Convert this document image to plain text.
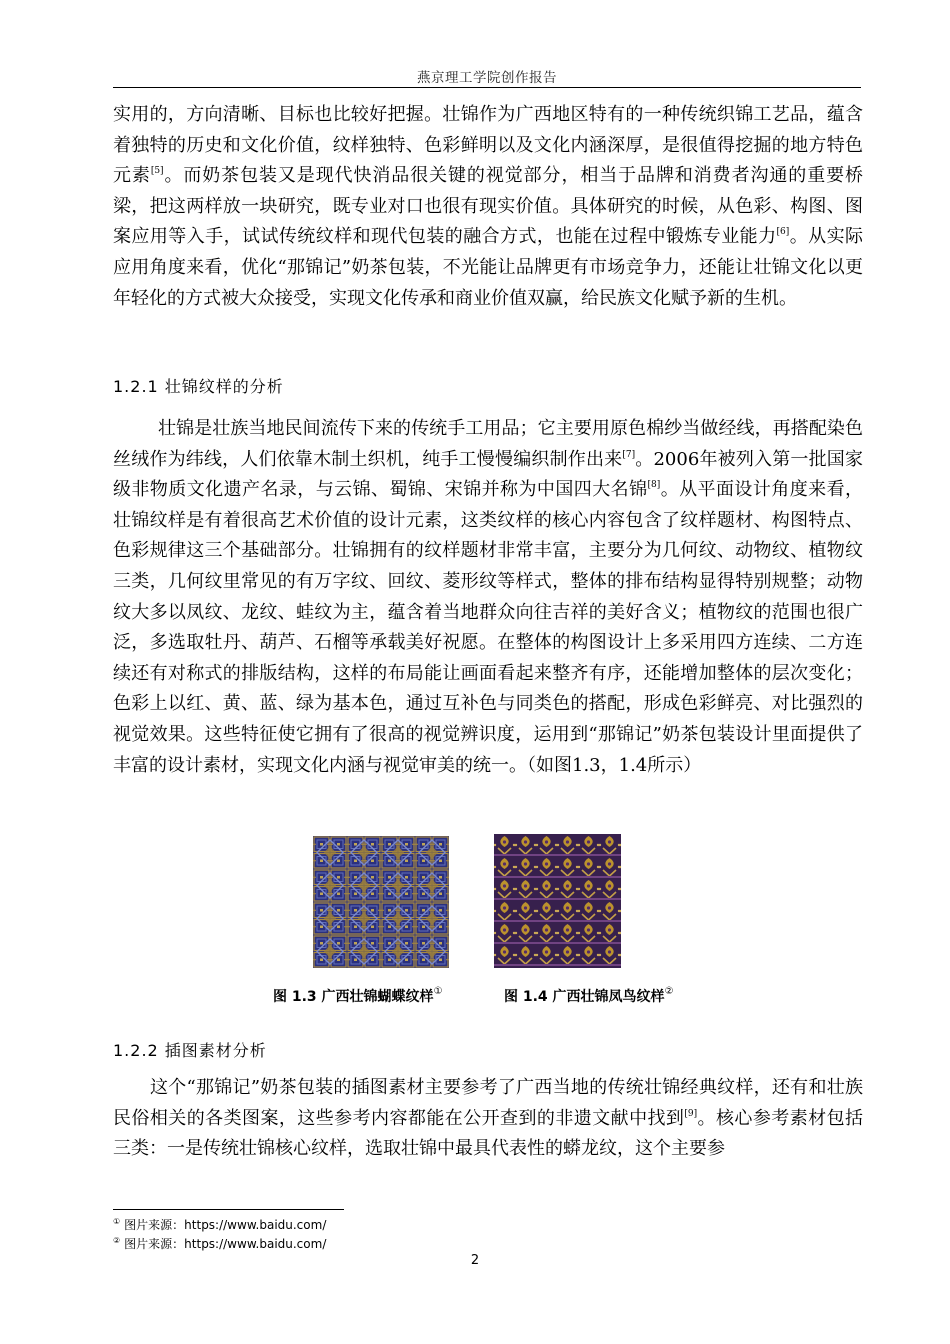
燕京理工学院创作报告
实用的，方向清晰、目标也比较好把握。壮锦作为广西地区特有的一种传统织锦工艺品，蕴含着独特的历史和文化价值，纹样独特、色彩鲜明以及文化内涵深厚，是很值得挖掘的地方特色元素[5]。而奶茶包装又是现代快消品很关键的视觉部分，相当于品牌和消费者沟通的重要桥梁，把这两样放一块研究，既专业对口也很有现实价值。具体研究的时候，从色彩、构图、图案应用等入手，试试传统纹样和现代包装的融合方式，也能在过程中锻炼专业能力[6]。从实际应用角度来看，优化“那锦记”奶茶包装，不光能让品牌更有市场竞争力，还能让壮锦文化以更年轻化的方式被大众接受，实现文化传承和商业价值双赢，给民族文化赋予新的生机。
1.2.1 壮锦纹样的分析
壮锦是壮族当地民间流传下来的传统手工用品；它主要用原色棉纱当做经线，再搭配染色丝绒作为纬线，人们依靠木制土织机，纯手工慢慢编织制作出来[7]。2006年被列入第一批国家级非物质文化遗产名录，与云锦、蜀锦、宋锦并称为中国四大名锦[8]。从平面设计角度来看，壮锦纹样是有着很高艺术价值的设计元素，这类纹样的核心内容包含了纹样题材、构图特点、色彩规律这三个基础部分。壮锦拥有的纹样题材非常丰富，主要分为几何纹、动物纹、植物纹三类，几何纹里常见的有万字纹、回纹、菱形纹等样式，整体的排布结构显得特别规整；动物纹大多以凤纹、龙纹、蛙纹为主，蕴含着当地群众向往吉祥的美好含义；植物纹的范围也很广泛，多选取牡丹、葫芦、石榴等承载美好祝愿。在整体的构图设计上多采用四方连续、二方连续还有对称式的排版结构，这样的布局能让画面看起来整齐有序，还能增加整体的层次变化；色彩上以红、黄、蓝、绿为基本色，通过互补色与同类色的搭配，形成色彩鲜亮、对比强烈的视觉效果。这些特征使它拥有了很高的视觉辨识度，运用到“那锦记”奶茶包装设计里面提供了丰富的设计素材，实现文化内涵与视觉审美的统一。（如图1.3，1.4所示）
图 1.3 广西壮锦蝴蝶纹样①	图 1.4 广西壮锦凤鸟纹样②
1.2.2 插图素材分析
这个“那锦记”奶茶包装的插图素材主要参考了广西当地的传统壮锦经典纹样，还有和壮族民俗相关的各类图案，这些参考内容都能在公开查到的非遗文献中找到[9]。核心参考素材包括三类：一是传统壮锦核心纹样，选取壮锦中最具代表性的蟒龙纹，这个主要参
① 图片来源：https://www.baidu.com/
② 图片来源：https://www.baidu.com/
2
